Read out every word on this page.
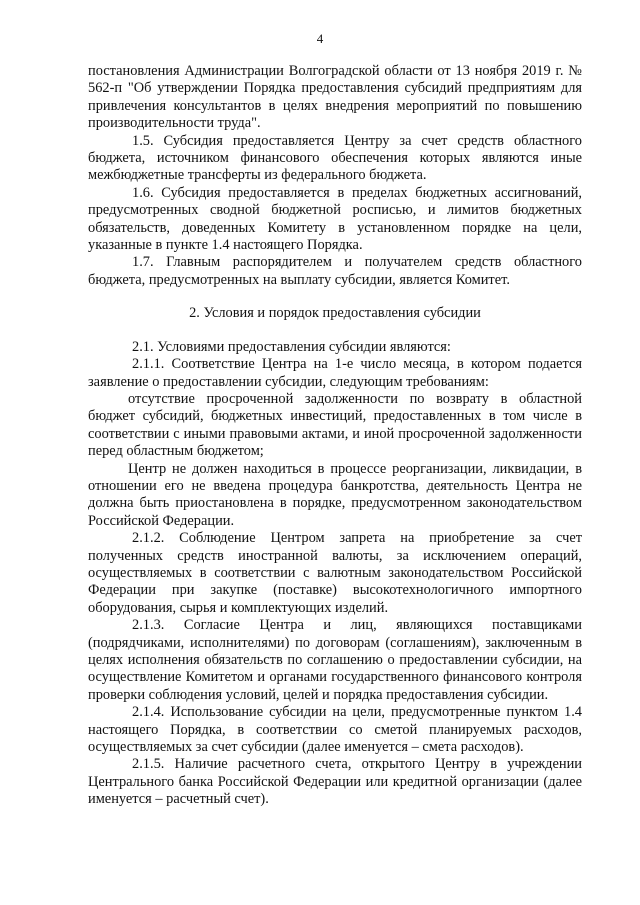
4

постановления Администрации Волгоградской области от 13 ноября 2019 г. № 562-п "Об утверждении Порядка предоставления субсидий предприятиям для привлечения консультантов в целях внедрения мероприятий по повышению производительности труда".

1.5. Субсидия предоставляется Центру за счет средств областного бюджета, источником финансового обеспечения которых являются иные межбюджетные трансферты из федерального бюджета.

1.6. Субсидия предоставляется в пределах бюджетных ассигнований, предусмотренных сводной бюджетной росписью, и лимитов бюджетных обязательств, доведенных Комитету в установленном порядке на цели, указанные в пункте 1.4 настоящего Порядка.

1.7. Главным распорядителем и получателем средств областного бюджета, предусмотренных на выплату субсидии, является Комитет.

2. Условия и порядок предоставления субсидии

2.1. Условиями предоставления субсидии являются:

2.1.1. Соответствие Центра на 1-е число месяца, в котором подается заявление о предоставлении субсидии, следующим требованиям:

отсутствие просроченной задолженности по возврату в областной бюджет субсидий, бюджетных инвестиций, предоставленных в том числе в соответствии с иными правовыми актами, и иной просроченной задолженности перед областным бюджетом;

Центр не должен находиться в процессе реорганизации, ликвидации, в отношении его не введена процедура банкротства, деятельность Центра не должна быть приостановлена в порядке, предусмотренном законодательством Российской Федерации.

2.1.2. Соблюдение Центром запрета на приобретение за счет полученных средств иностранной валюты, за исключением операций, осуществляемых в соответствии с валютным законодательством Российской Федерации при закупке (поставке) высокотехнологичного импортного оборудования, сырья и комплектующих изделий.

2.1.3. Согласие Центра и лиц, являющихся поставщиками (подрядчиками, исполнителями) по договорам (соглашениям), заключенным в целях исполнения обязательств по соглашению о предоставлении субсидии, на осуществление Комитетом и органами государственного финансового контроля проверки соблюдения условий, целей и порядка предоставления субсидии.

2.1.4. Использование субсидии на цели, предусмотренные пунктом 1.4 настоящего Порядка, в соответствии со сметой планируемых расходов, осуществляемых за счет субсидии (далее именуется – смета расходов).

2.1.5. Наличие расчетного счета, открытого Центру в учреждении Центрального банка Российской Федерации или кредитной организации (далее именуется – расчетный счет).
